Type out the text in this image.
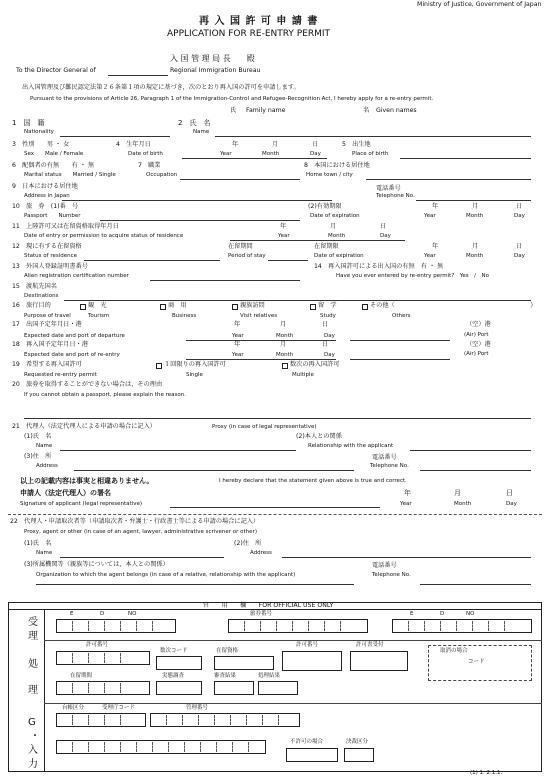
Ministry of Justice, Government of Japan
再 入 国 許 可 申 請 書
APPLICATION FOR RE-ENTRY PERMIT
入 国 管 理 局 長　　殿
To the Director General of	Regional Immigration Bureau
出入国管理及び難民認定法第２６条第１項の規定に基づき，次のとおり再入国の許可を申請します。
Pursuant to the provisions of Article 26, Paragraph 1 of the Immigration-Control and Refugee-Recognition Act, I hereby apply for a re-entry permit.
氏 Family name	名 Given names
1　国　籍
Nationality
2　氏　名
Name
3　性別　　男 ・ 女
Sex　　Male / Female
4　生年月日
Date of birth
年	月	日
Year	Month	Day
5　出生地
Place of birth
6　配偶者の有無　　有 ・ 無
Marital status　　Married / Single
7　職業
Occupation
8　本国における居住地
Home town / city
9　日本における居住地
Address in Japan
電話番号
Telephone No.
10　旅　券　(1)番　号
Passport　　Number
(2)有効期限
Date of expiration
年	月	日
Year	Month	Day
11　上陸許可又は在留資格取得年月日
Date of entry or permission to acquire status of residence
年	月	日
Year	Month	Day
12　現に有する在留資格
Status of residence
在留期間
Period of stay
在留期限
Date of expiration
年	月	日
Year	Month	Day
13　外国人登録証明書番号
Alien registration certification number
14　再入国許可による出入国の有無　有 ・ 無
Have you ever entered by re-entry permit?　Yes　/　No
15　渡航先国名
Destinations
16　旅行目的
Purpose of travel
観　光
Tourism
商　用
Business
親族訪問
Visit relatives
留　学
Study
その他（
Others
）
17　出国予定年月日・港
Expected date and port of departure
年	月	日
Year	Month	Day
（空）港
(Air) Port
18　再入国予定年月日・港
Expected date and port of re-entry
年	月	日
Year	Month	Day
（空）港
(Air) Port
19　希望する再入国許可
Requested re-entry permit
１回限りの再入国許可
Single
数次の再入国許可
Multiple
20　旅券を取得することができない場合は，その理由
If you cannot obtain a passport, please explain the reason.
21　代理人（法定代理人による申請の場合に記入）	Proxy (in case of legal representative)
(1)氏　名
Name
(2)本人との関係
Relationship with the applicant
(3)住　所
Address
電話番号
Telephone No.
以上の記載内容は事実と相違ありません。	I hereby declare that the statement given above is true and correct.
申請人（法定代理人）の署名
Signature of applicant (legal representative)
年	月	日
Year	Month	Day
22　代理人・申請取次者等（申請取次者・弁護士・行政書士等による申請の場合に記入）
Proxy, agent or other (in case of an agent, lawyer, administrative scrivener or other)
(1)氏　名
Name
(2)住　所
Address
(3)所属機関等（親族等については，本人との関係）
Organization to which the agent belongs (in case of a relative, relationship with the applicant)
電話番号
Telephone No.
官　　用　　欄　　FOR OFFICIAL USE ONLY
受
理
処
理
G
・
入
力
E	D	NO	旅券番号	E	D	NO
許可番号
数次コード	在留資格
許可番号	許可書受付
取消の場合
コード
在留期間	実態調査	審査結果	処理結果
台帳区分	受理庁コード	管理番号
不許可の場合	決裁区分
(1) 1. 2.1.1.
